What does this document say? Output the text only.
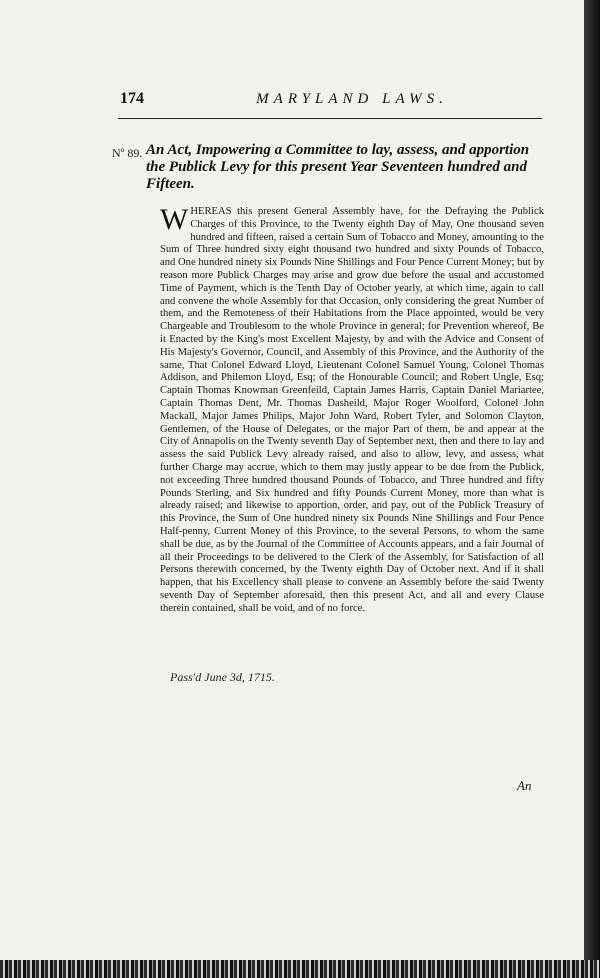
174	MARYLAND LAWS.
Nº 89. An Act, Impowering a Committee to lay, assess, and apportion the Publick Levy for this present Year Seventeen hundred and Fifteen.

WHEREAS this present General Assembly have, for the Defraying the Publick Charges of this Province, to the Twenty eighth Day of May, One thousand seven hundred and fifteen, raised a certain Sum of Tobacco and Money, amounting to the Sum of Three hundred sixty eight thousand two hundred and sixty Pounds of Tobacco, and One hundred ninety six Pounds Nine Shillings and Four Pence Current Money; but by reason more Publick Charges may arise and grow due before the usual and accustomed Time of Payment, which is the Tenth Day of October yearly, at which time, again to call and convene the whole Assembly for that Occasion, only considering the great Number of them, and the Remoteness of their Habitations from the Place appointed, would be very Chargeable and Troublesom to the whole Province in general; for Prevention whereof, Be it Enacted by the King's most Excellent Majesty, by and with the Advice and Consent of His Majesty's Governor, Council, and Assembly of this Province, and the Authority of the same, That Colonel Edward Lloyd, Lieutenant Colonel Samuel Young, Colonel Thomas Addison, and Philemon Lloyd, Esq; of the Honourable Council; and Robert Ungle, Esq; Captain Thomas Knowman Greenfeild, Captain James Harris, Captain Daniel Mariartee, Captain Thomas Dent, Mr. Thomas Dasheild, Major Roger Woolford, Colonel John Mackall, Major James Philips, Major John Ward, Robert Tyler, and Solomon Clayton, Gentlemen, of the House of Delegates, or the major Part of them, be and appear at the City of Annapolis on the Twenty seventh Day of September next, then and there to lay and assess the said Publick Levy already raised, and also to allow, levy, and assess, what further Charge may accrue, which to them may justly appear to be due from the Publick, not exceeding Three hundred thousand Pounds of Tobacco, and Three hundred and fifty Pounds Sterling, and Six hundred and fifty Pounds Current Money, more than what is already raised; and likewise to apportion, order, and pay, out of the Publick Treasury of this Province, the Sum of One hundred ninety six Pounds Nine Shillings and Four Pence Half-penny, Current Money of this Province, to the several Persons, to whom the same shall be due, as by the Journal of the Committee of Accounts appears, and a fair Journal of all their Proceedings to be delivered to the Clerk of the Assembly, for Satisfaction of all Persons therewith concerned, by the Twenty eighth Day of October next. And if it shall happen, that his Excellency shall please to convene an Assembly before the said Twenty seventh Day of September aforesaid, then this present Act, and all and every Clause therein contained, shall be void, and of no force.

Pass'd June 3d, 1715.
An
